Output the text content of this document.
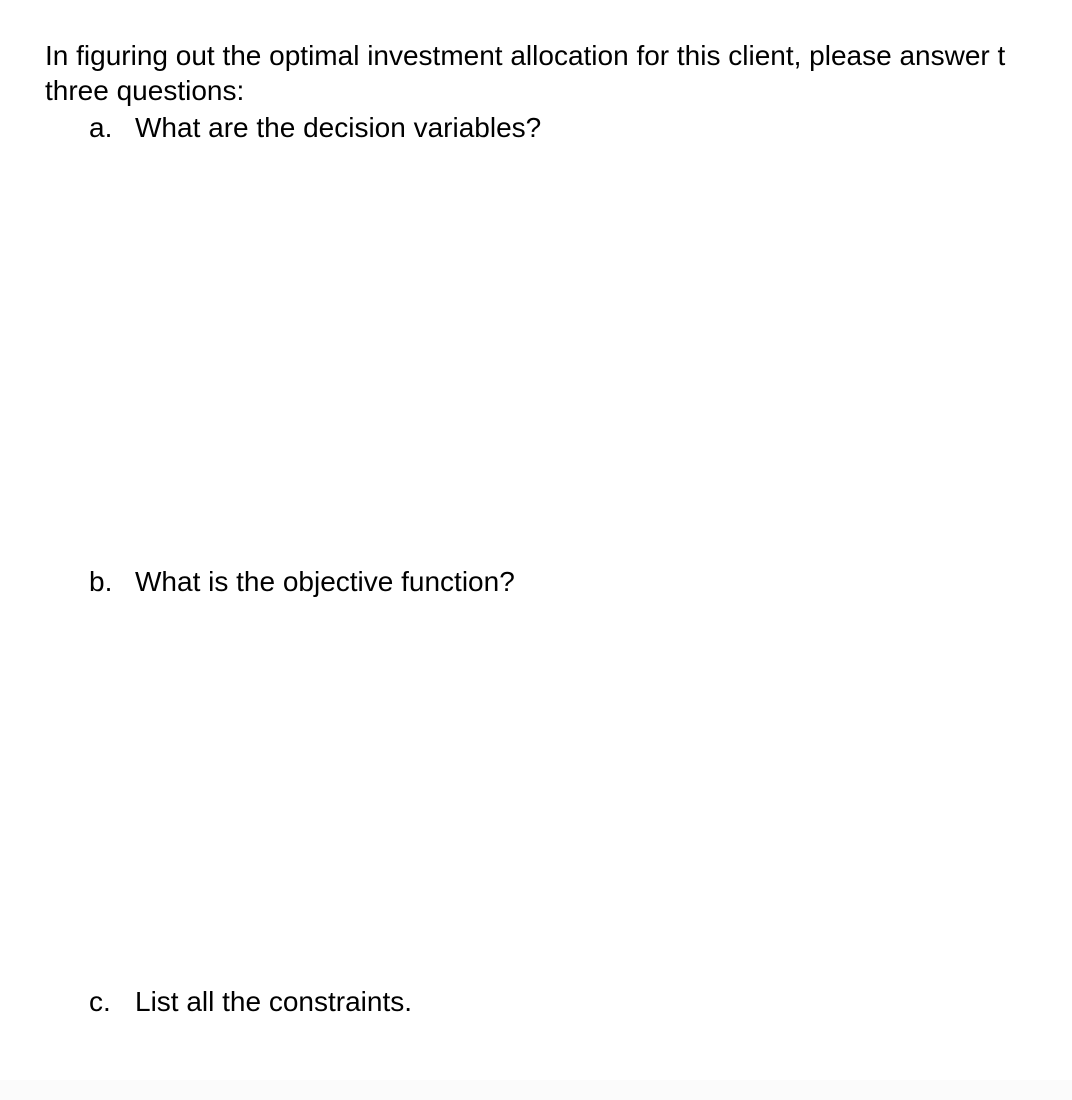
In figuring out the optimal investment allocation for this client, please answer t
three questions:
a. What are the decision variables?
b. What is the objective function?
c. List all the constraints.
